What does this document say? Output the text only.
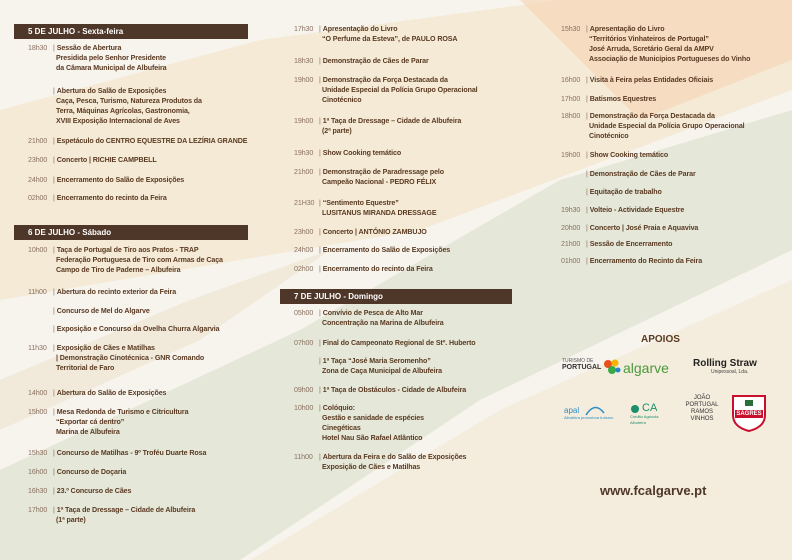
5 DE JULHO - Sexta-feira
18h30 | Sessão de Abertura
Presidida pelo Senhor Presidente
da Câmara Municipal de Albufeira
| Abertura do Salão de Exposições
Caça, Pesca, Turismo, Natureza Produtos da
Terra, Máquinas Agrícolas, Gastronomia,
XVIII Exposição Internacional de Aves
21h00 | Espetáculo do CENTRO EQUESTRE DA LEZÍRIA GRANDE
23h00 | Concerto | RICHIE CAMPBELL
24h00 | Encerramento do Salão de Exposições
02h00 | Encerramento do recinto da Feira
6 DE JULHO - Sábado
10h00 | Taça de Portugal de Tiro aos Pratos - TRAP
Federação Portuguesa de Tiro com Armas de Caça
Campo de Tiro de Paderne – Albufeira
11h00 | Abertura do recinto exterior da Feira
| Concurso de Mel do Algarve
| Exposição e Concurso da Ovelha Churra Algarvia
11h30 | Exposição de Cães e Matilhas
| Demonstração Cinotécnica - GNR Comando
Territorial de Faro
14h00 | Abertura do Salão de Exposições
15h00 | Mesa Redonda de Turismo e Citricultura
“Exportar cá dentro”
Marina de Albufeira
15h30 | Concurso de Matilhas - 9º Troféu Duarte Rosa
16h00 | Concurso de Doçaria
16h30 | 23.º Concurso de Cães
17h00 | 1ª Taça de Dressage – Cidade de Albufeira
(1ª parte)
17h30 | Apresentação do Livro
“O Perfume da Esteva”, de PAULO ROSA
18h30 | Demonstração de Cães de Parar
19h00 | Demonstração da Força Destacada da
Unidade Especial da Polícia Grupo Operacional
Cinotécnico
19h00 | 1ª Taça de Dressage – Cidade de Albufeira
(2ª parte)
19h30 | Show Cooking temático
21h00 | Demonstração de Paradressage pelo
Campeão Nacional - PEDRO FÉLIX
21H30 | “Sentimento Equestre”
LUSITANUS MIRANDA DRESSAGE
23h00 | Concerto | ANTÓNIO ZAMBUJO
24h00 | Encerramento do Salão de Exposições
02h00 | Encerramento do recinto da Feira
7 DE JULHO - Domingo
05h00 | Convívio de Pesca de Alto Mar
Concentração na Marina de Albufeira
07h00 | Final do Campeonato Regional de Stº. Huberto
| 1ª Taça “José Maria Seromenho”
Zona de Caça Municipal de Albufeira
09h00 | 1ª Taça de Obstáculos - Cidade de Albufeira
10h00 | Colóquio:
Gestão e sanidade de espécies
Cinegéticas
Hotel Nau São Rafael Atlântico
11h00 | Abertura da Feira e do Salão de Exposições
Exposição de Cães e Matilhas
15h30 | Apresentação do Livro
“Territórios Vinhateiros de Portugal”
José Arruda, Scretário Geral da AMPV
Associação de Municípios Portugueses do Vinho
16h00 | Visita à Feira pelas Entidades Oficiais
17h00 | Batismos Equestres
18h00 | Demonstração da Força Destacada da
Unidade Especial da Polícia Grupo Operacional
Cinotécnico
19h00 | Show Cooking temático
| Demonstração de Cães de Parar
| Equitação de trabalho
19h30 | Volteio - Actividade Equestre
20h00 | Concerto | José Praia e Aquaviva
21h00 | Sessão de Encerramento
01h00 | Encerramento do Recinto da Feira
APOIOS
TURISMO DE
PORTUGAL	algarve Rolling Straw
Unipessoal, Lda.
apal
Albufeira promotora turismo
CA
Crédito Agrícola Albufeira
JOÃO
PORTUGAL
RAMOS
VINHOS
SAGRES
www.fcalgarve.pt
